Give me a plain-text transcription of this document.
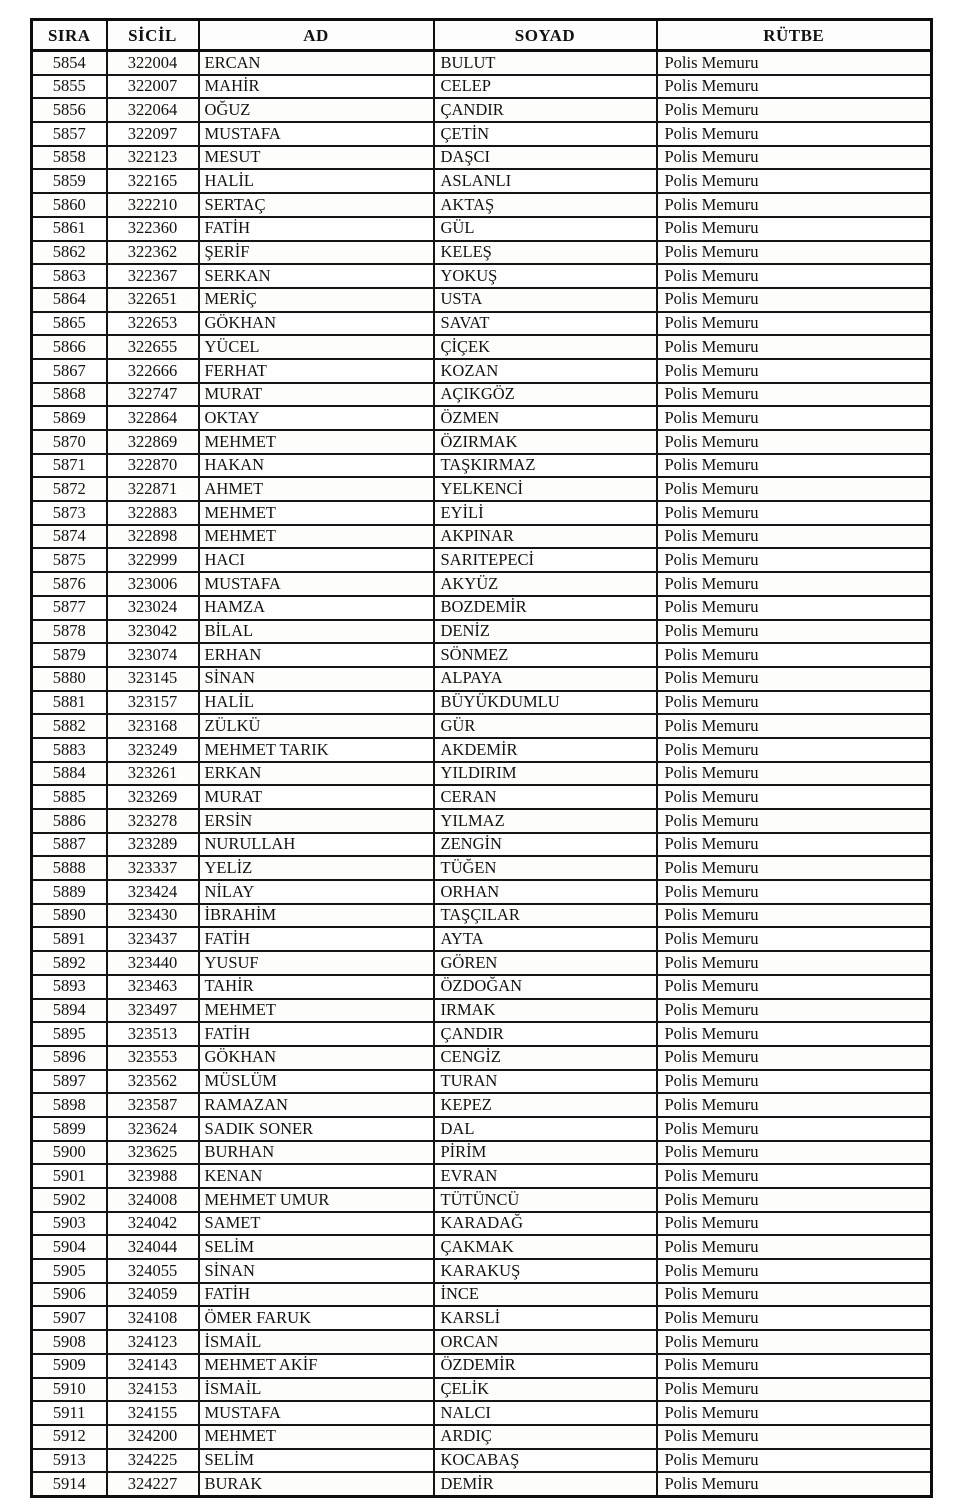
SIRA	SİCİL	AD	SOYAD	RÜTBE
5854	322004	ERCAN	BULUT	Polis Memuru
5855	322007	MAHİR	CELEP	Polis Memuru
5856	322064	OĞUZ	ÇANDIR	Polis Memuru
5857	322097	MUSTAFA	ÇETİN	Polis Memuru
5858	322123	MESUT	DAŞCI	Polis Memuru
5859	322165	HALİL	ASLANLI	Polis Memuru
5860	322210	SERTAÇ	AKTAŞ	Polis Memuru
5861	322360	FATİH	GÜL	Polis Memuru
5862	322362	ŞERİF	KELEŞ	Polis Memuru
5863	322367	SERKAN	YOKUŞ	Polis Memuru
5864	322651	MERİÇ	USTA	Polis Memuru
5865	322653	GÖKHAN	SAVAT	Polis Memuru
5866	322655	YÜCEL	ÇİÇEK	Polis Memuru
5867	322666	FERHAT	KOZAN	Polis Memuru
5868	322747	MURAT	AÇIKGÖZ	Polis Memuru
5869	322864	OKTAY	ÖZMEN	Polis Memuru
5870	322869	MEHMET	ÖZIRMAK	Polis Memuru
5871	322870	HAKAN	TAŞKIRMAZ	Polis Memuru
5872	322871	AHMET	YELKENCİ	Polis Memuru
5873	322883	MEHMET	EYİLİ	Polis Memuru
5874	322898	MEHMET	AKPINAR	Polis Memuru
5875	322999	HACI	SARITEPECİ	Polis Memuru
5876	323006	MUSTAFA	AKYÜZ	Polis Memuru
5877	323024	HAMZA	BOZDEMİR	Polis Memuru
5878	323042	BİLAL	DENİZ	Polis Memuru
5879	323074	ERHAN	SÖNMEZ	Polis Memuru
5880	323145	SİNAN	ALPAYA	Polis Memuru
5881	323157	HALİL	BÜYÜKDUMLU	Polis Memuru
5882	323168	ZÜLKÜ	GÜR	Polis Memuru
5883	323249	MEHMET TARIK	AKDEMİR	Polis Memuru
5884	323261	ERKAN	YILDIRIM	Polis Memuru
5885	323269	MURAT	CERAN	Polis Memuru
5886	323278	ERSİN	YILMAZ	Polis Memuru
5887	323289	NURULLAH	ZENGİN	Polis Memuru
5888	323337	YELİZ	TÜĞEN	Polis Memuru
5889	323424	NİLAY	ORHAN	Polis Memuru
5890	323430	İBRAHİM	TAŞÇILAR	Polis Memuru
5891	323437	FATİH	AYTA	Polis Memuru
5892	323440	YUSUF	GÖREN	Polis Memuru
5893	323463	TAHİR	ÖZDOĞAN	Polis Memuru
5894	323497	MEHMET	IRMAK	Polis Memuru
5895	323513	FATİH	ÇANDIR	Polis Memuru
5896	323553	GÖKHAN	CENGİZ	Polis Memuru
5897	323562	MÜSLÜM	TURAN	Polis Memuru
5898	323587	RAMAZAN	KEPEZ	Polis Memuru
5899	323624	SADIK SONER	DAL	Polis Memuru
5900	323625	BURHAN	PİRİM	Polis Memuru
5901	323988	KENAN	EVRAN	Polis Memuru
5902	324008	MEHMET UMUR	TÜTÜNCÜ	Polis Memuru
5903	324042	SAMET	KARADAĞ	Polis Memuru
5904	324044	SELİM	ÇAKMAK	Polis Memuru
5905	324055	SİNAN	KARAKUŞ	Polis Memuru
5906	324059	FATİH	İNCE	Polis Memuru
5907	324108	ÖMER FARUK	KARSLİ	Polis Memuru
5908	324123	İSMAİL	ORCAN	Polis Memuru
5909	324143	MEHMET AKİF	ÖZDEMİR	Polis Memuru
5910	324153	İSMAİL	ÇELİK	Polis Memuru
5911	324155	MUSTAFA	NALCI	Polis Memuru
5912	324200	MEHMET	ARDIÇ	Polis Memuru
5913	324225	SELİM	KOCABAŞ	Polis Memuru
5914	324227	BURAK	DEMİR	Polis Memuru
